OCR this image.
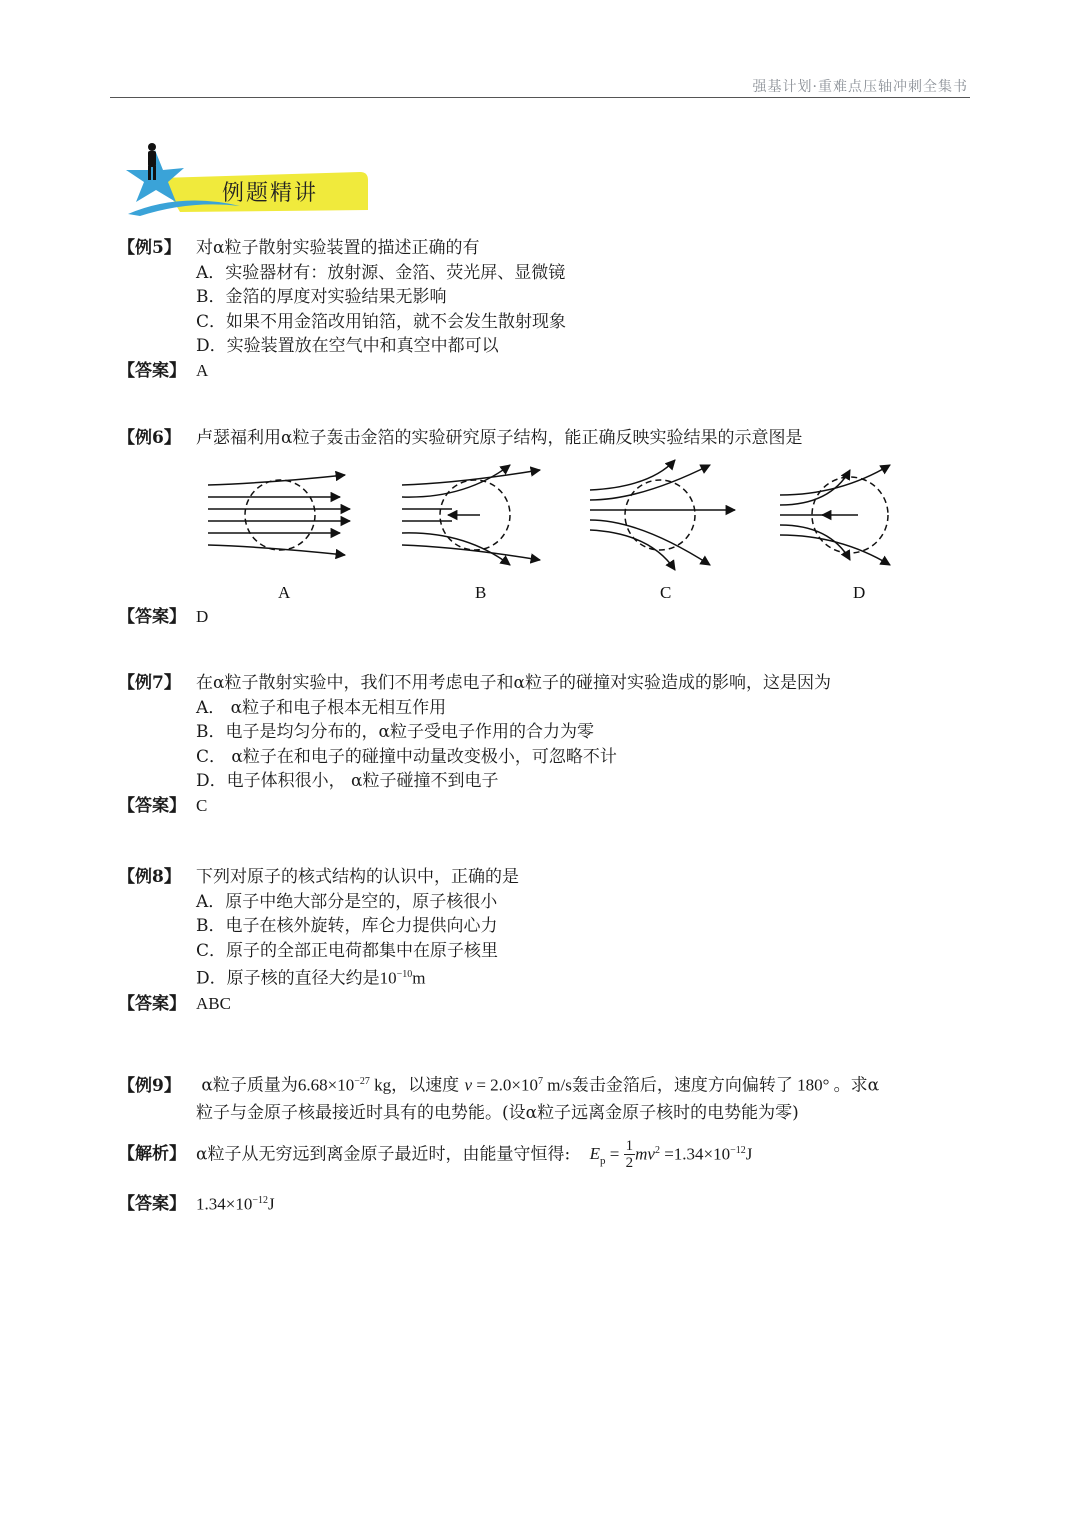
强基计划·重难点压轴冲刺全集书
例题精讲
【例5】 对α粒子散射实验装置的描述正确的有
A．实验器材有：放射源、金箔、荧光屏、显微镜
B．金箔的厚度对实验结果无影响
C．如果不用金箔改用铂箔，就不会发生散射现象
D．实验装置放在空气中和真空中都可以
【答案】 A
【例6】 卢瑟福利用α粒子轰击金箔的实验研究原子结构，能正确反映实验结果的示意图是
A	B	C	D
【答案】 D
【例7】 在α粒子散射实验中，我们不用考虑电子和α粒子的碰撞对实验造成的影响，这是因为
A． α粒子和电子根本无相互作用
B．电子是均匀分布的，α粒子受电子作用的合力为零
C． α粒子在和电子的碰撞中动量改变极小，可忽略不计
D．电子体积很小， α粒子碰撞不到电子
【答案】 C
【例8】 下列对原子的核式结构的认识中，正确的是
A．原子中绝大部分是空的，原子核很小
B．电子在核外旋转，库仑力提供向心力
C．原子的全部正电荷都集中在原子核里
D．原子核的直径大约是$10^{-10}m$
【答案】 ABC
【例9】 α粒子质量为$6.68\times 10^{-27}$ kg，以速度 $v = 2.0\times 10^7$ m/s轰击金箔后，速度方向偏转了 180° 。求α
粒子与金原子核最接近时具有的电势能。(设α粒子远离金原子核时的电势能为零)
【解析】 α粒子从无穷远到离金原子最近时，由能量守恒得: $E_p = \frac{1}{2} mv^2 =1.34\times 10^{-12}J$
【答案】 $1.34\times 10^{-12}J$
